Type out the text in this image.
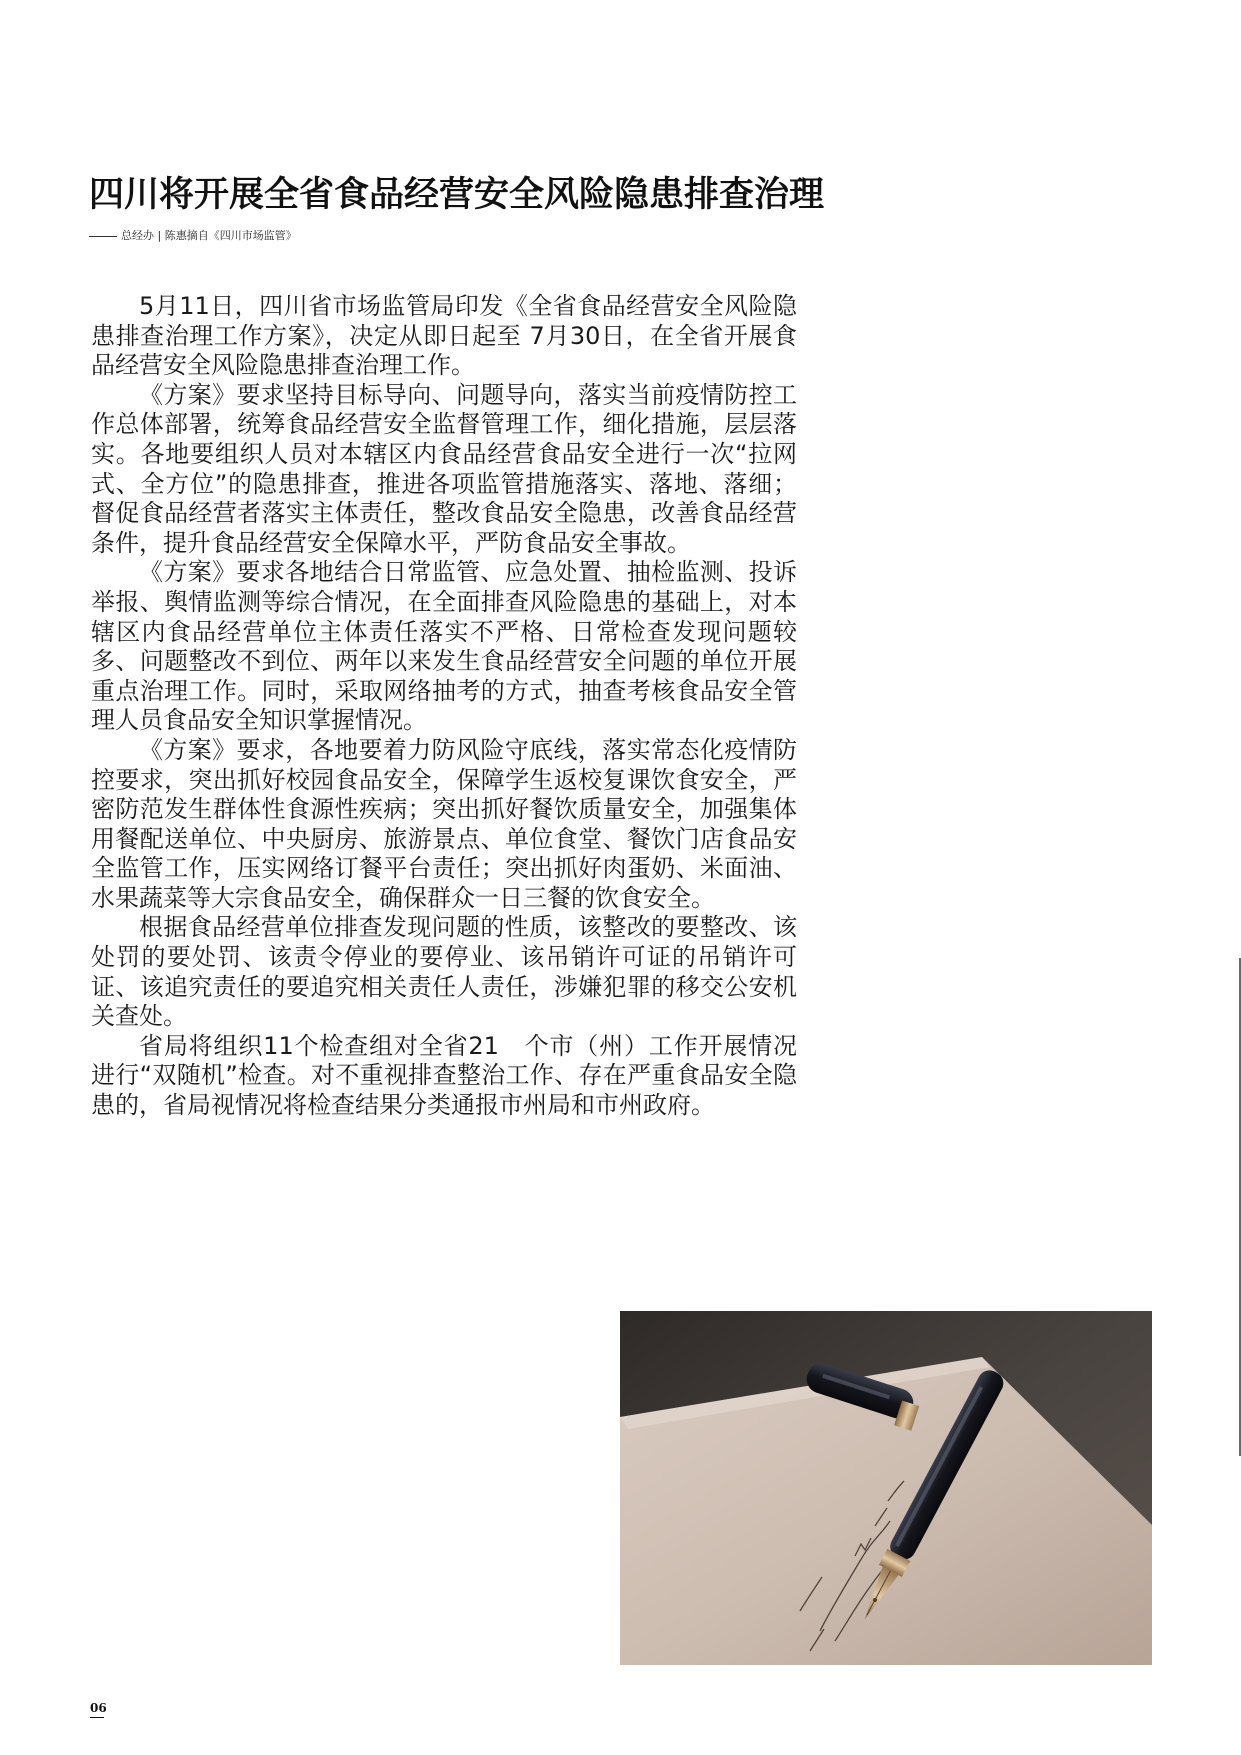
四川将开展全省食品经营安全风险隐患排查治理
总经办 | 陈惠摘自《四川市场监管》

5月11日，四川省市场监管局印发《全省食品经营安全风险隐患排查治理工作方案》，决定从即日起至 7月30日，在全省开展食品经营安全风险隐患排查治理工作。

《方案》要求坚持目标导向、问题导向，落实当前疫情防控工作总体部署，统筹食品经营安全监督管理工作，细化措施，层层落实。各地要组织人员对本辖区内食品经营食品安全进行一次“拉网式、全方位”的隐患排查，推进各项监管措施落实、落地、落细；督促食品经营者落实主体责任，整改食品安全隐患，改善食品经营条件，提升食品经营安全保障水平，严防食品安全事故。

《方案》要求各地结合日常监管、应急处置、抽检监测、投诉举报、舆情监测等综合情况，在全面排查风险隐患的基础上，对本辖区内食品经营单位主体责任落实不严格、日常检查发现问题较多、问题整改不到位、两年以来发生食品经营安全问题的单位开展重点治理工作。同时，采取网络抽考的方式，抽查考核食品安全管理人员食品安全知识掌握情况。

《方案》要求，各地要着力防风险守底线，落实常态化疫情防控要求，突出抓好校园食品安全，保障学生返校复课饮食安全，严密防范发生群体性食源性疾病；突出抓好餐饮质量安全，加强集体用餐配送单位、中央厨房、旅游景点、单位食堂、餐饮门店食品安全监管工作，压实网络订餐平台责任；突出抓好肉蛋奶、米面油、水果蔬菜等大宗食品安全，确保群众一日三餐的饮食安全。

根据食品经营单位排查发现问题的性质，该整改的要整改、该处罚的要处罚、该责令停业的要停业、该吊销许可证的吊销许可证、该追究责任的要追究相关责任人责任，涉嫌犯罪的移交公安机关查处。

省局将组织11个检查组对全省21　个市（州）工作开展情况进行“双随机”检查。对不重视排查整治工作、存在严重食品安全隐患的，省局视情况将检查结果分类通报市州局和市州政府。

06
